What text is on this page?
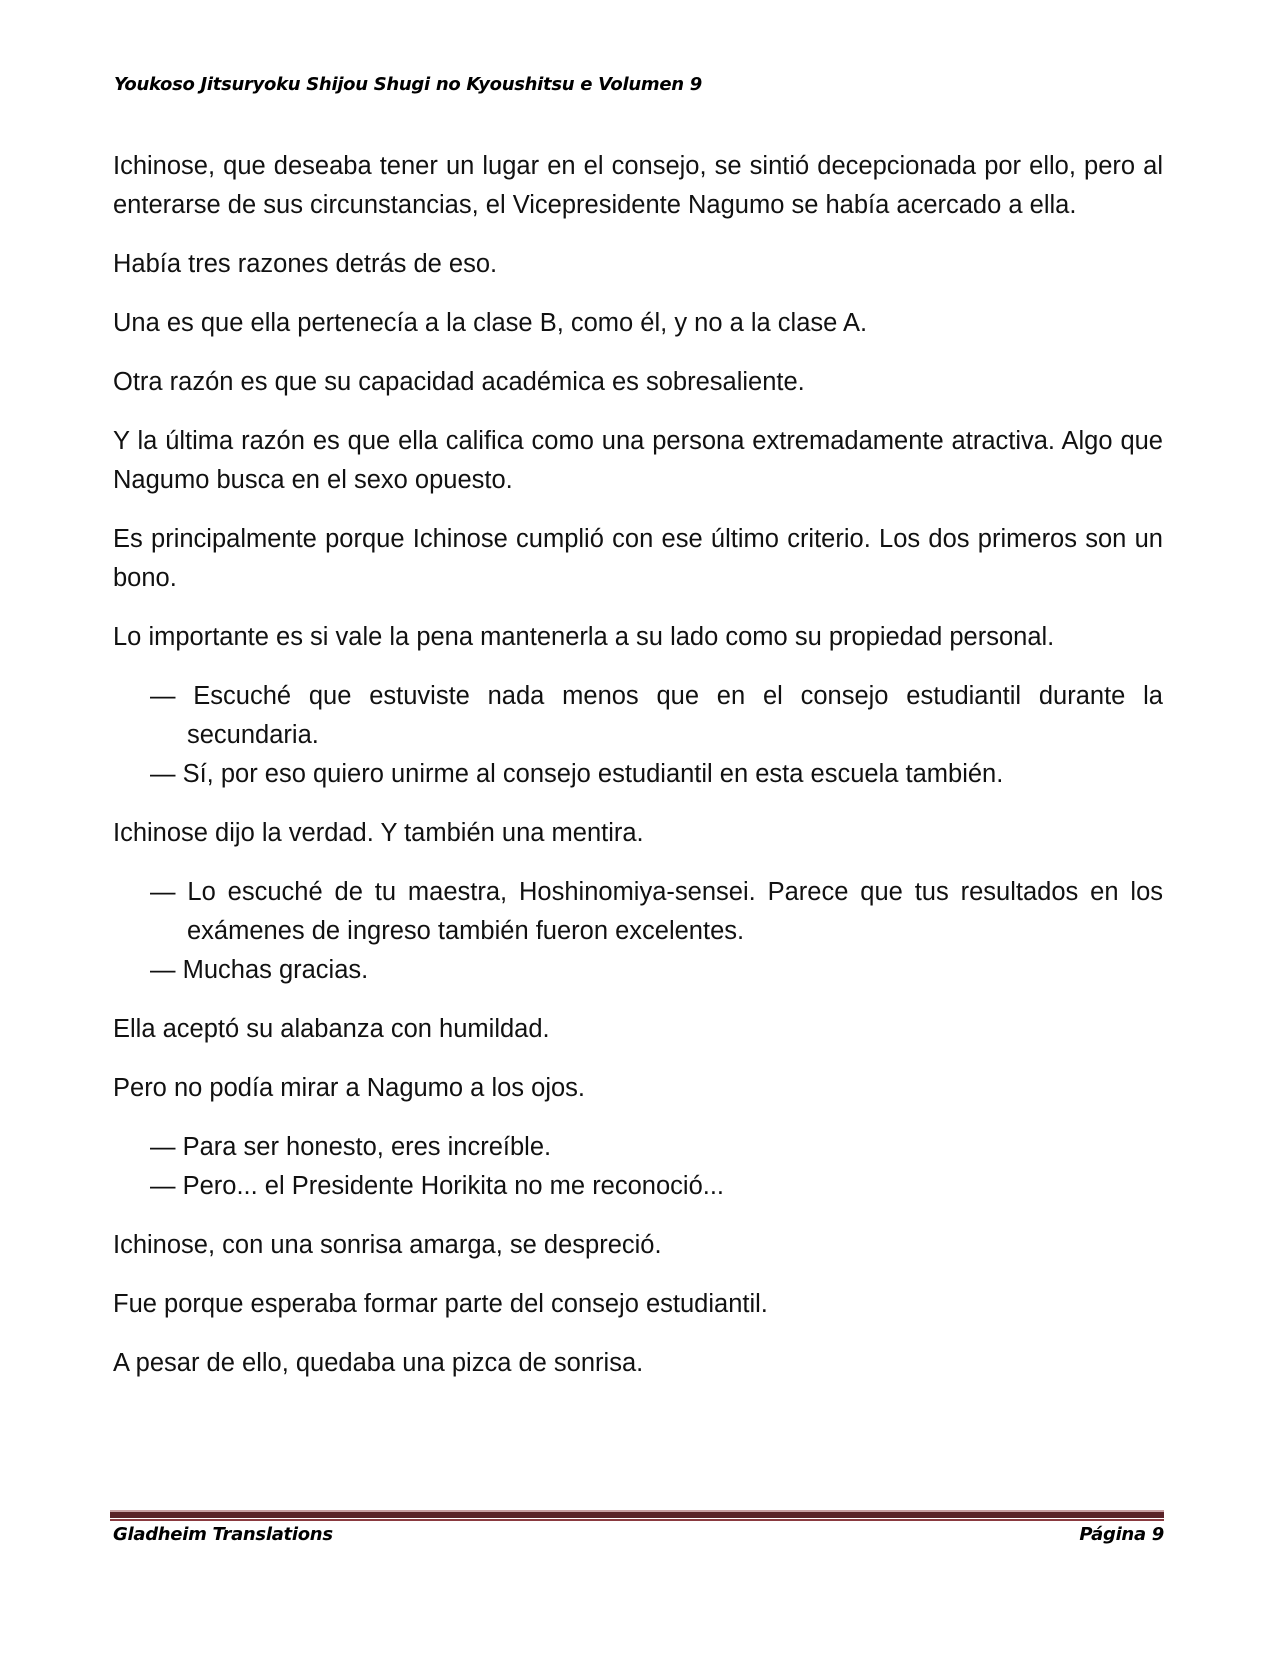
Youkoso Jitsuryoku Shijou Shugi no Kyoushitsu e Volumen 9

Ichinose, que deseaba tener un lugar en el consejo, se sintió decepcionada por ello, pero al enterarse de sus circunstancias, el Vicepresidente Nagumo se había acercado a ella.

Había tres razones detrás de eso.

Una es que ella pertenecía a la clase B, como él, y no a la clase A.

Otra razón es que su capacidad académica es sobresaliente.

Y la última razón es que ella califica como una persona extremadamente atractiva. Algo que Nagumo busca en el sexo opuesto.

Es principalmente porque Ichinose cumplió con ese último criterio. Los dos primeros son un bono.

Lo importante es si vale la pena mantenerla a su lado como su propiedad personal.

— Escuché que estuviste nada menos que en el consejo estudiantil durante la secundaria.

— Sí, por eso quiero unirme al consejo estudiantil en esta escuela también.

Ichinose dijo la verdad. Y también una mentira.

— Lo escuché de tu maestra, Hoshinomiya-sensei. Parece que tus resultados en los exámenes de ingreso también fueron excelentes.

— Muchas gracias.

Ella aceptó su alabanza con humildad.

Pero no podía mirar a Nagumo a los ojos.

— Para ser honesto, eres increíble.

— Pero... el Presidente Horikita no me reconoció...

Ichinose, con una sonrisa amarga, se despreció.

Fue porque esperaba formar parte del consejo estudiantil.

A pesar de ello, quedaba una pizca de sonrisa.

Gladheim Translations	Página 9
